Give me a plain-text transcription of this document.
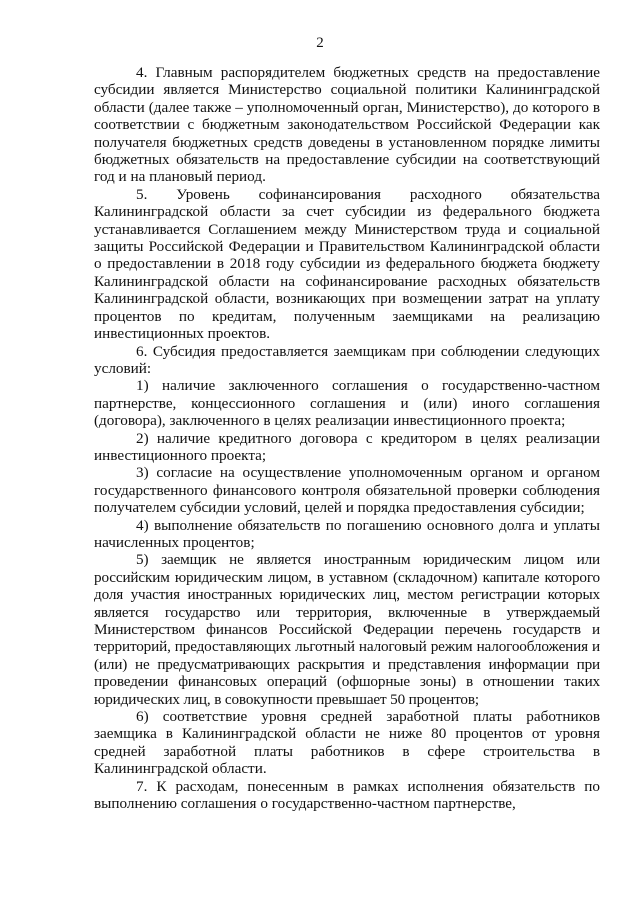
2

4. Главным распорядителем бюджетных средств на предоставление субсидии является Министерство социальной политики Калининградской области (далее также – уполномоченный орган, Министерство), до которого в соответствии с бюджетным законодательством Российской Федерации как получателя бюджетных средств доведены в установленном порядке лимиты бюджетных обязательств на предоставление субсидии на соответствующий год и на плановый период.

5. Уровень софинансирования расходного обязательства Калининградской области за счет субсидии из федерального бюджета устанавливается Соглашением между Министерством труда и социальной защиты Российской Федерации и Правительством Калининградской области о предоставлении в 2018 году субсидии из федерального бюджета бюджету Калининградской области на софинансирование расходных обязательств Калининградской области, возникающих при возмещении затрат на уплату процентов по кредитам, полученным заемщиками на реализацию инвестиционных проектов.

6. Субсидия предоставляется заемщикам при соблюдении следующих условий:

1) наличие заключенного соглашения о государственно-частном партнерстве, концессионного соглашения и (или) иного соглашения (договора), заключенного в целях реализации инвестиционного проекта;

2) наличие кредитного договора с кредитором в целях реализации инвестиционного проекта;

3) согласие на осуществление уполномоченным органом и органом государственного финансового контроля обязательной проверки соблюдения получателем субсидии условий, целей и порядка предоставления субсидии;

4) выполнение обязательств по погашению основного долга и уплаты начисленных процентов;

5) заемщик не является иностранным юридическим лицом или российским юридическим лицом, в уставном (складочном) капитале которого доля участия иностранных юридических лиц, местом регистрации которых является государство или территория, включенные в утверждаемый Министерством финансов Российской Федерации перечень государств и территорий, предоставляющих льготный налоговый режим налогообложения и (или) не предусматривающих раскрытия и представления информации при проведении финансовых операций (офшорные зоны) в отношении таких юридических лиц, в совокупности превышает 50 процентов;

6) соответствие уровня средней заработной платы работников заемщика в Калининградской области не ниже 80 процентов от уровня средней заработной платы работников в сфере строительства в Калининградской области.

7. К расходам, понесенным в рамках исполнения обязательств по выполнению соглашения о государственно-частном партнерстве,
